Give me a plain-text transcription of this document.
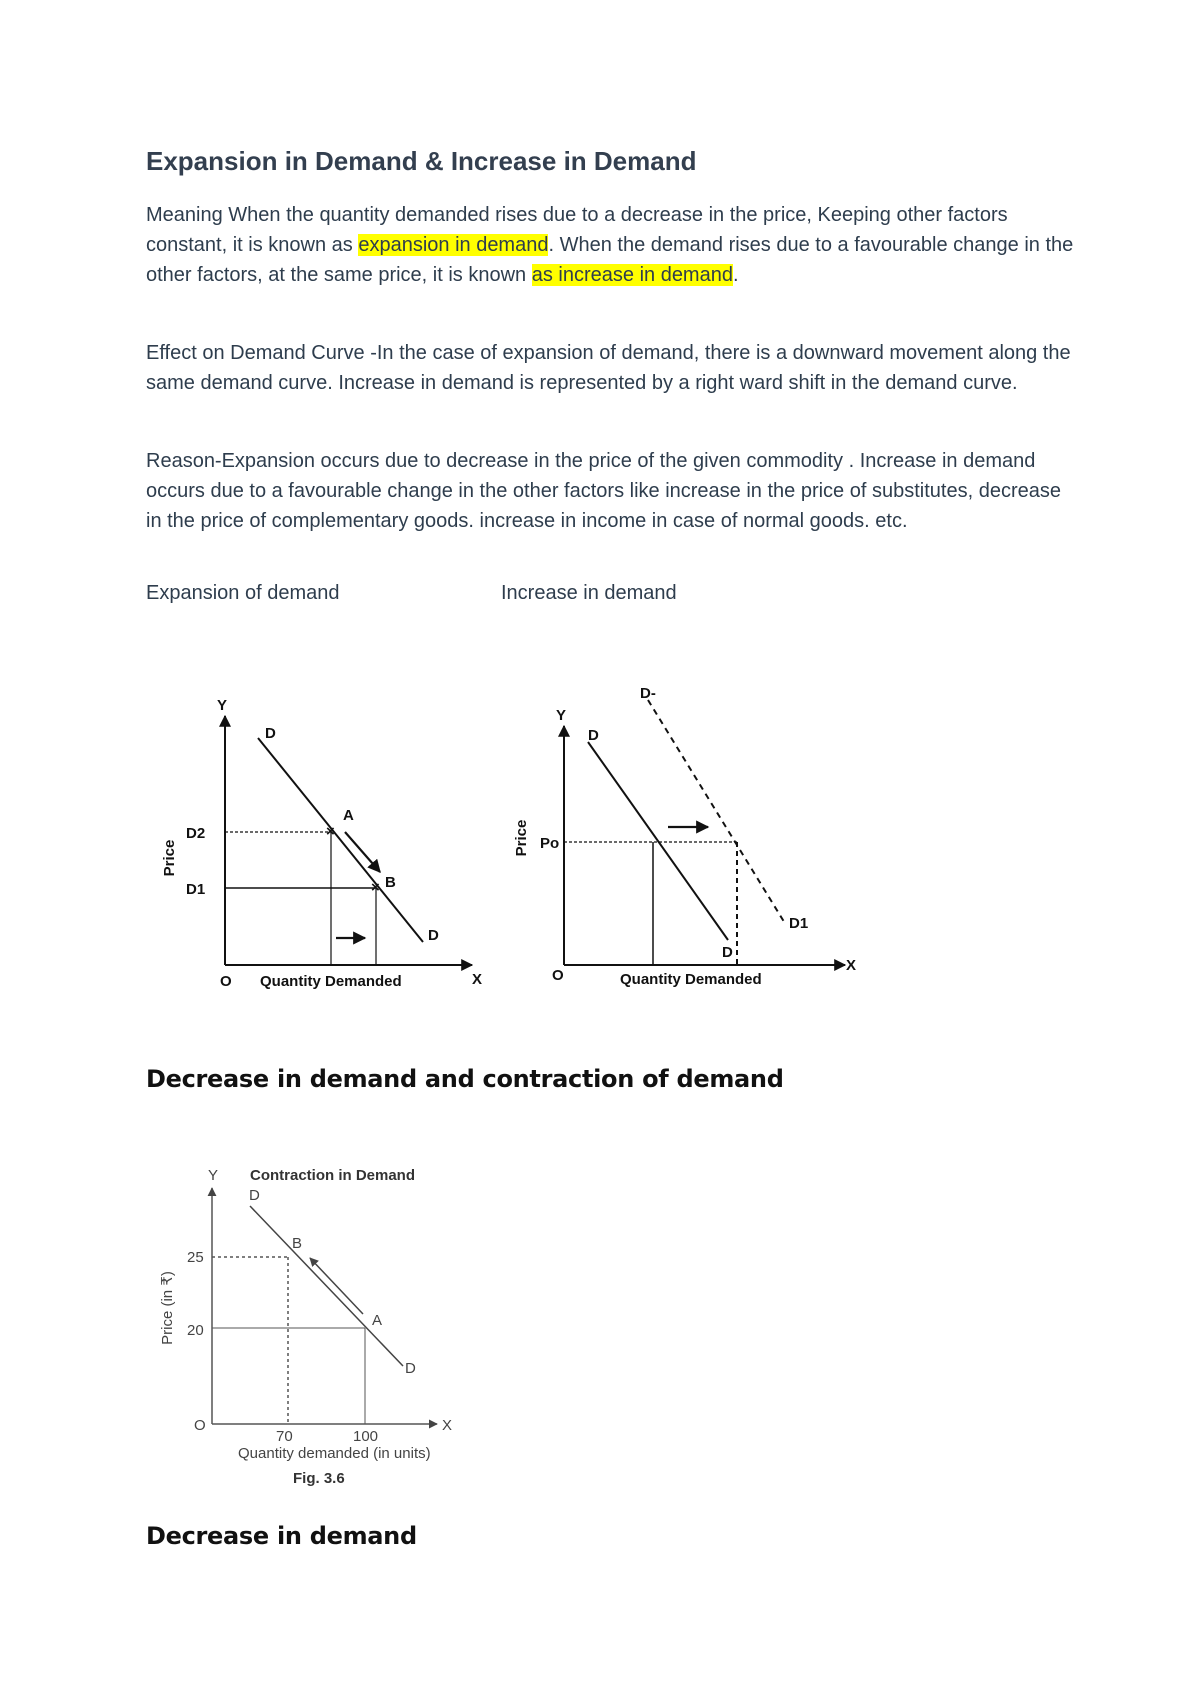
Expansion in Demand & Increase in Demand

Meaning When the quantity demanded rises due to a decrease in the price, Keeping other factors constant, it is known as expansion in demand. When the demand rises due to a favourable change in the other factors, at the same price, it is known as increase in demand.

Effect on Demand Curve -In the case of expansion of demand, there is a downward movement along the same demand curve. Increase in demand is represented by a right ward shift in the demand curve.

Reason-Expansion occurs due to decrease in the price of the given commodity . Increase in demand occurs due to a favourable change in the other factors like increase in the price of substitutes, decrease in the price of complementary goods. increase in income in case of normal goods. etc.

Expansion of demand	Increase in demand
Y
X
O Quantity Demanded
Price
D
D
×
×
A
B
D2
D1
Y
X
O	Quantity Demanded
Price
D
D
D-
D1
Po
Decrease in demand and contraction of demand
Contraction in Demand
Y
X
O
Price (in ₹)
Quantity demanded (in units)
25
20
70	100
D
D
B
A
Fig. 3.6
Decrease in demand
